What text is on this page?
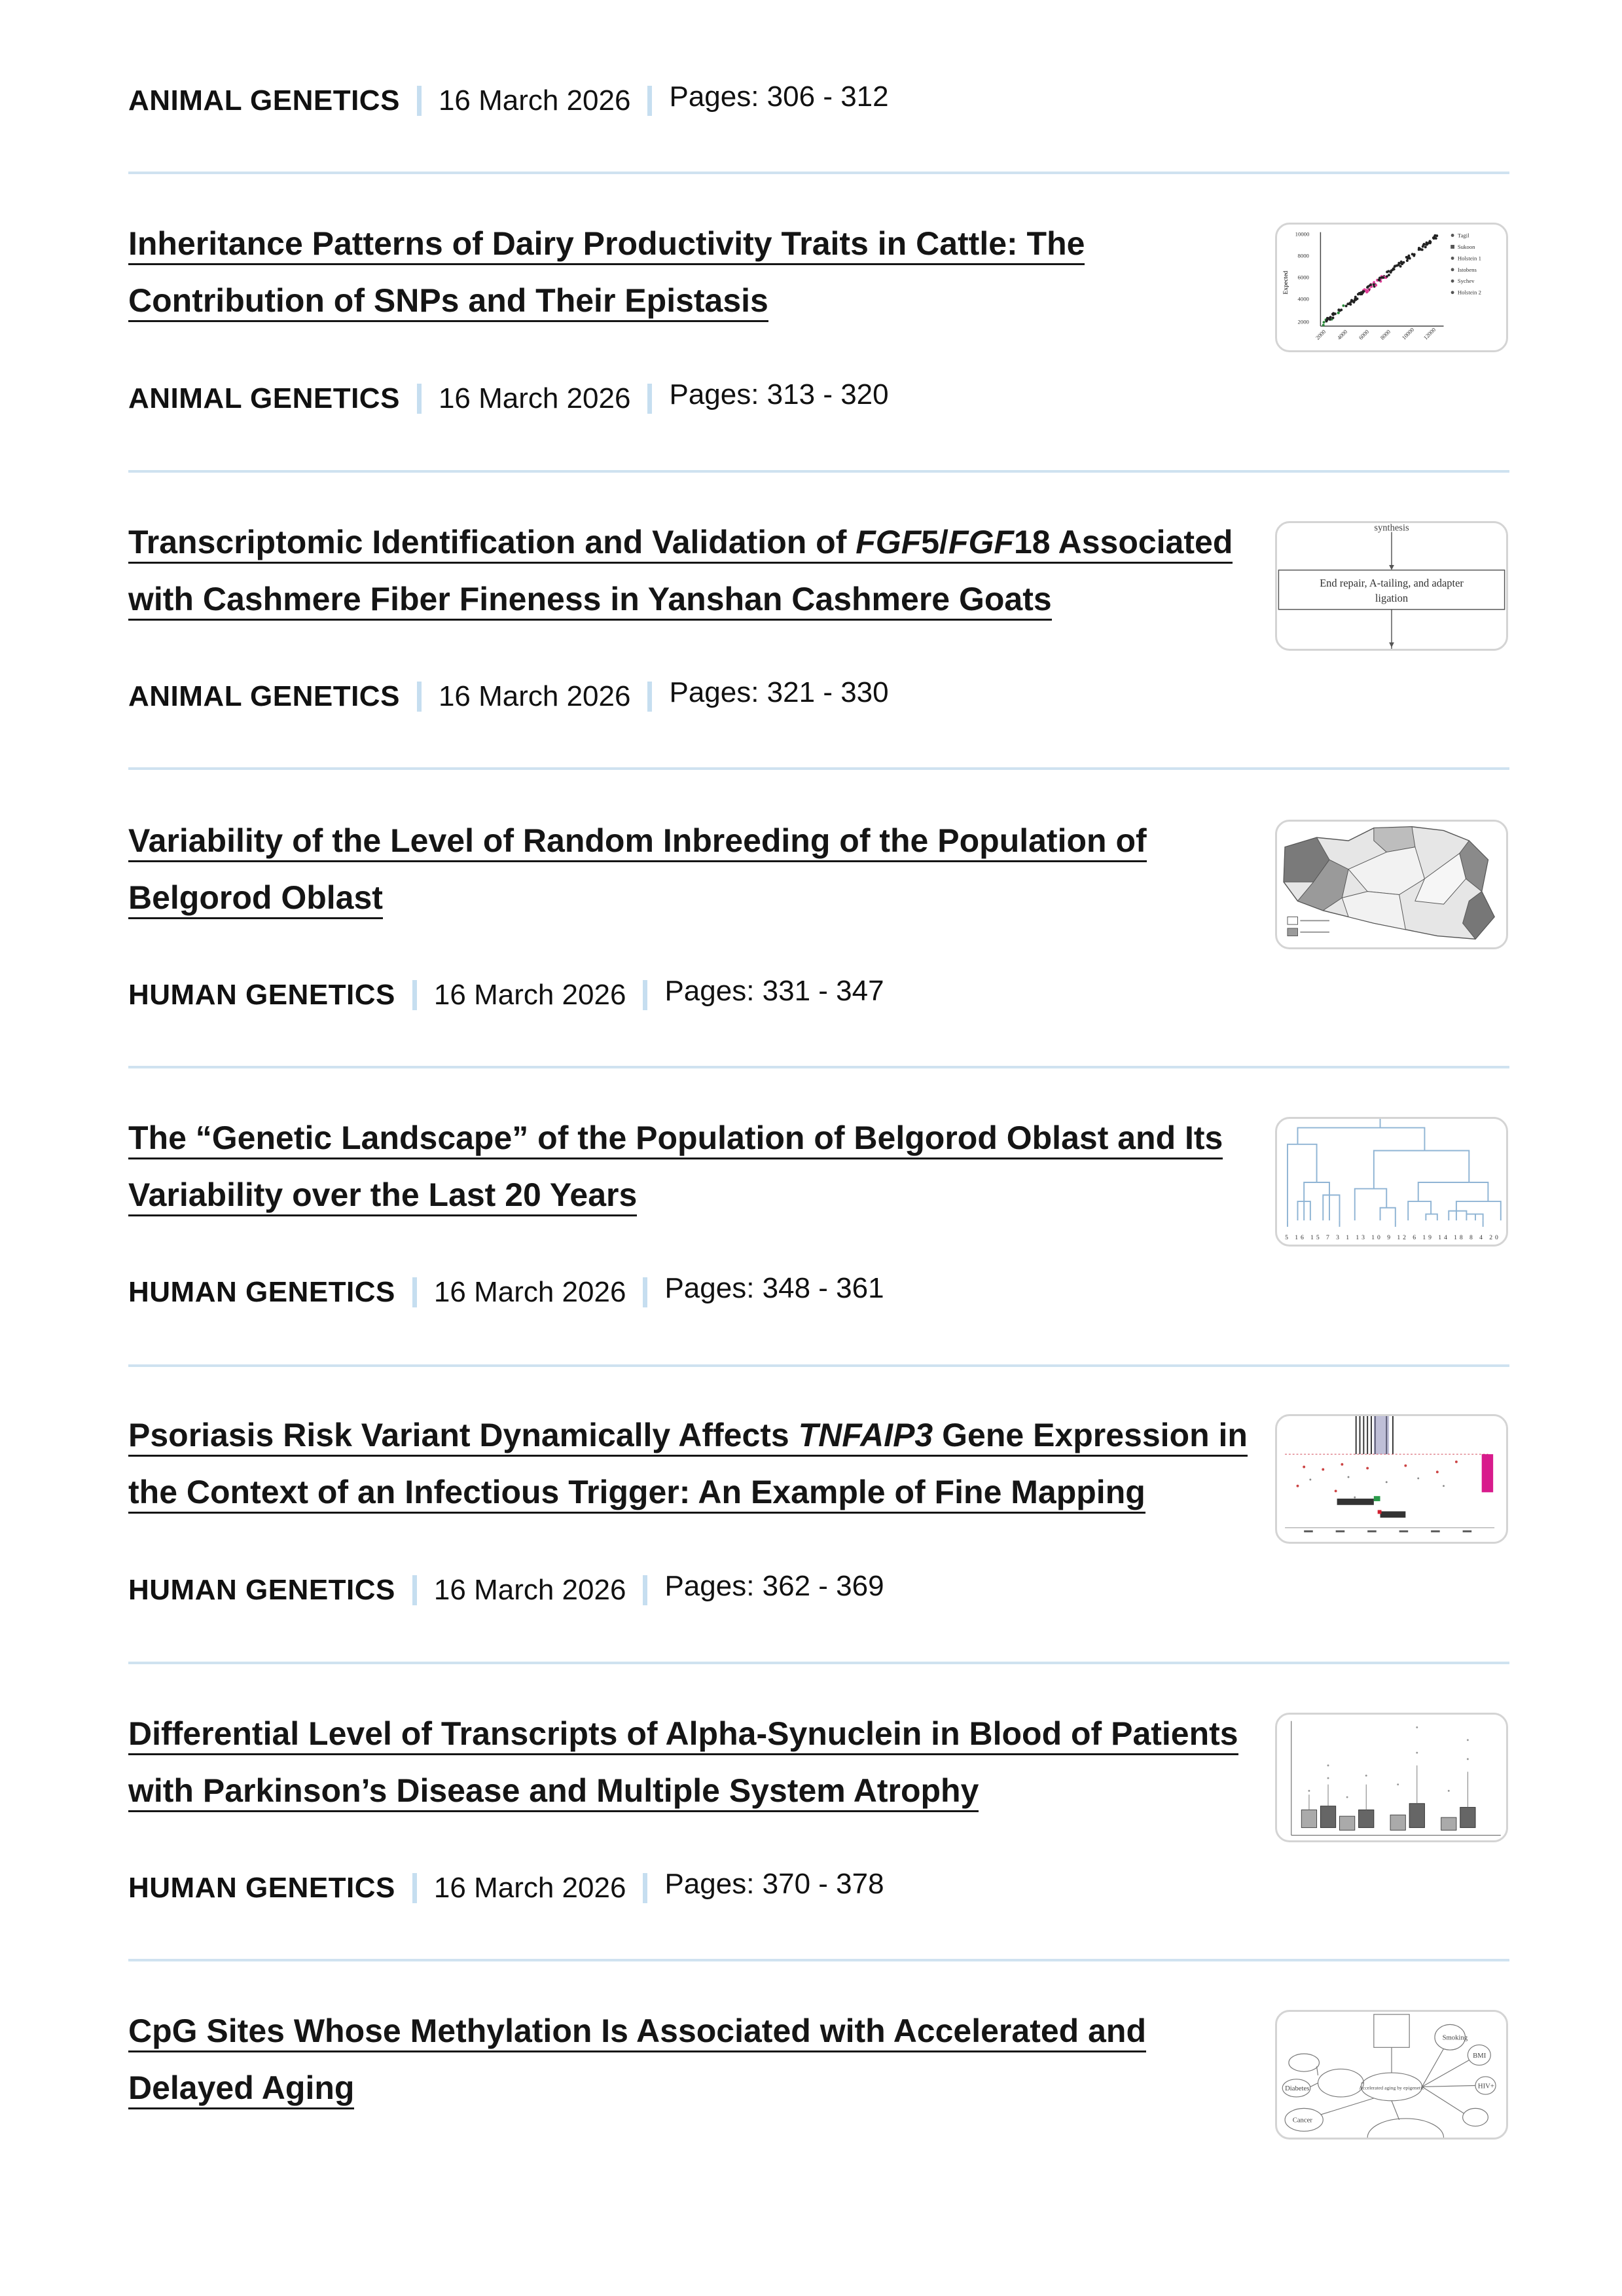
ANIMAL GENETICS 16 March 2026 Pages: 306 - 312
Inheritance Patterns of Dairy Productivity Traits in Cattle: The
Contribution of SNPs and Their Epistasis	Expected
10000
8000
6000
4000
2000
2000 4000 6000 8000 10000 12000
Tagil
Sukoon
Holstein 1
Istobens
Sychev
Holstein 2
ANIMAL GENETICS 16 March 2026 Pages: 313 - 320
Transcriptomic Identification and Validation of FGF5/FGF18 Associated
with Cashmere Fiber Fineness in Yanshan Cashmere Goats

synthesis
End repair, A-tailing, and adapter
ligation
ANIMAL GENETICS 16 March 2026 Pages: 321 - 330
Variability of the Level of Random Inbreeding of the Population of
Belgorod Oblast

HUMAN GENETICS 16 March 2026 Pages: 331 - 347
The “Genetic Landscape” of the Population of Belgorod Oblast and Its
Variability over the Last 20 Years

5 16 15 7 3 1 13 10 9 12 6 19 14 18 8 4 20
HUMAN GENETICS 16 March 2026 Pages: 348 - 361
Psoriasis Risk Variant Dynamically Affects TNFAIP3 Gene Expression in
the Context of an Infectious Trigger: An Example of Fine Mapping

HUMAN GENETICS 16 March 2026 Pages: 362 - 369
Differential Level of Transcripts of Alpha-Synuclein in Blood of Patients
with Parkinson’s Disease and Multiple System Atrophy

HUMAN GENETICS 16 March 2026 Pages: 370 - 378
CpG Sites Whose Methylation Is Associated with Accelerated and
Delayed Aging	Diabetes
Cancer
Smoking
BMI
HIV+
Accelerated aging by epigenetic
